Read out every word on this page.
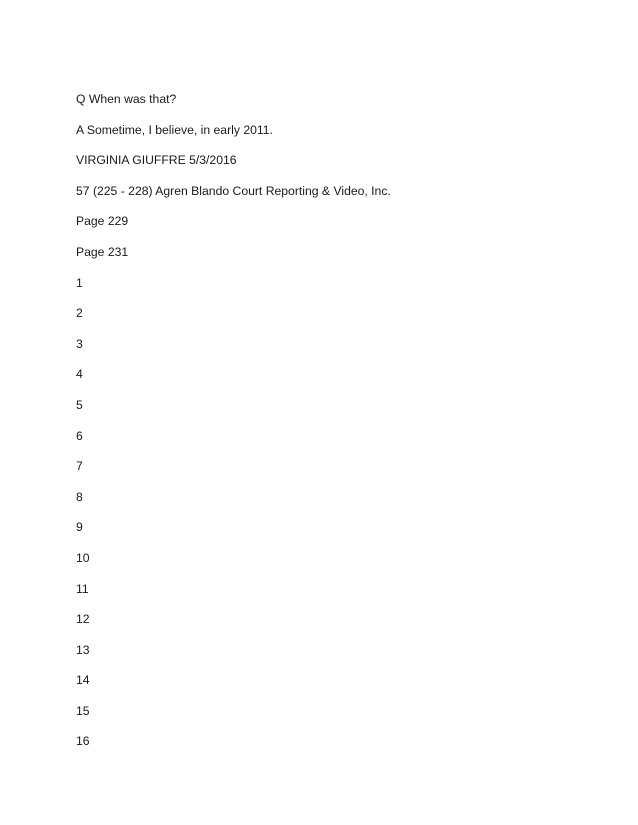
Q When was that?
A Sometime, I believe, in early 2011.
VIRGINIA GIUFFRE 5/3/2016
57 (225 - 228) Agren Blando Court Reporting & Video, Inc.
Page 229
Page 231
1
2
3
4
5
6
7
8
9
10
11
12
13
14
15
16
